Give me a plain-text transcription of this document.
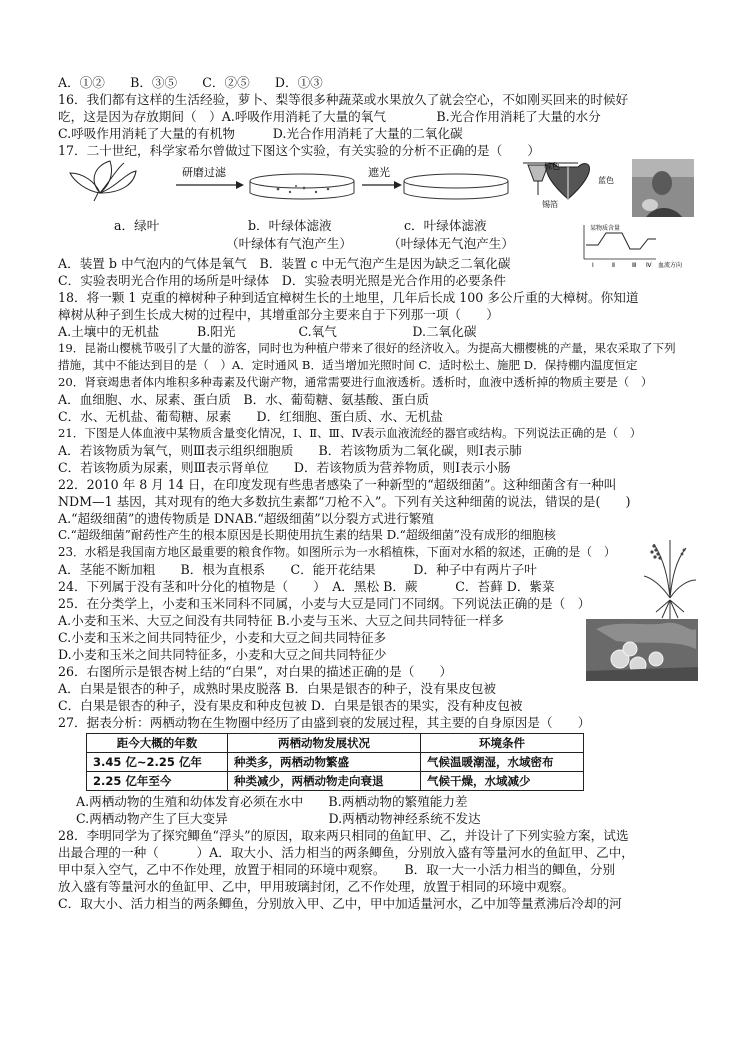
A．①②　　B．③⑤　　C．②⑤　　D．①③
16．我们都有这样的生活经验，萝卜、梨等很多种蔬菜或水果放久了就会空心，不如刚买回来的时候好
吃，这是因为存放期间（　）A.呼吸作用消耗了大量的氧气　　　　B.光合作用消耗了大量的水分
C.呼吸作用消耗了大量的有机物　　　D.光合作用消耗了大量的二氧化碳
17．二十世纪，科学家希尔曾做过下图这个实验，有关实验的分析不正确的是（　　）
研磨过滤	遮光	棕色
蓝色
锡箔
a．绿叶	b．叶绿体滤液	c．叶绿体滤液
（叶绿体有气泡产生）	（叶绿体无气泡产生）
A．装置 b 中气泡内的气体是氧气　B．装置 c 中无气泡产生是因为缺乏二氧化碳
C．实验表明光合作用的场所是叶绿体　D．实验表明光照是光合作用的必要条件
某物质含量
血流方向
Ⅰ	Ⅱ	Ⅲ Ⅳ
18．将一颗 1 克重的樟树种子种到适宜樟树生长的土地里，几年后长成 100 多公斤重的大樟树。你知道
樟树从种子到生长成大树的过程中，其增重部分主要来自于下列那一项（　　）
A.土壤中的无机盐　　　B.阳光　　　　　C.氧气　　　　　　D.二氧化碳
19．昆嵛山樱桃节吸引了大量的游客，同时也为种植户带来了很好的经济收入。为提高大棚樱桃的产量，果农采取了下列
措施，其中不能达到目的是（　）A．定时通风 B．适当增加光照时间 C．适时松土、施肥 D．保持棚内温度恒定
20．肾衰竭患者体内堆积多种毒素及代谢产物，通常需要进行血液透析。透析时，血液中透析掉的物质主要是（　）
A．血细胞、水、尿素、蛋白质　B．水、葡萄糖、氨基酸、蛋白质
C．水、无机盐、葡萄糖、尿素　　D．红细胞、蛋白质、水、无机盐
21．下图是人体血液中某物质含量变化情况，Ⅰ、Ⅱ、Ⅲ、Ⅳ表示血液流经的器官或结构。下列说法正确的是（　）
A．若该物质为氧气，则Ⅲ表示组织细胞质　　B．若该物质为二氧化碳，则Ⅰ表示肺
C．若该物质为尿素，则Ⅲ表示肾单位　　D．若该物质为营养物质，则Ⅰ表示小肠
22．2010 年 8 月 14 日，在印度发现有些患者感染了一种新型的“超级细菌”。这种细菌含有一种叫
NDM—1 基因，其对现有的绝大多数抗生素都“刀枪不入”。下列有关这种细菌的说法，错误的是(　　)
A.“超级细菌”的遗传物质是 DNAB.“超级细菌”以分裂方式进行繁殖
C.“超级细菌”耐药性产生的根本原因是长期使用抗生素的结果 D.“超级细菌”没有成形的细胞核
23．水稻是我国南方地区最重要的粮食作物。如图所示为一水稻植株，下面对水稻的叙述，正确的是（　）
A．茎能不断加粗　　B．根为直根系　　C．能开花结果　　　D．种子中有两片子叶
24．下列属于没有茎和叶分化的植物是（　　）　A．黑松 B．蕨　　　C．苔藓 D．紫菜
25．在分类学上，小麦和玉米同科不同属，小麦与大豆是同门不同纲。下列说法正确的是（　）
A.小麦和玉米、大豆之间没有共同特征 B.小麦与玉米、大豆之间共同特征一样多
C.小麦和玉米之间共同特征少，小麦和大豆之间共同特征多
D.小麦和玉米之间共同特征多，小麦和大豆之间共同特征少
26．右图所示是银杏树上结的“白果”，对白果的描述正确的是（　　）
A．白果是银杏的种子，成熟时果皮脱落 B．白果是银杏的种子，没有果皮包被
C．白果是银杏的种子，没有果皮和种皮包被 D．白果是银杏的果实，没有种皮包被
27．据表分析：两栖动物在生物圈中经历了由盛到衰的发展过程，其主要的自身原因是（　　）
距今大概的年数	两栖动物发展状况	环境条件
3.45 亿~2.25 亿年	种类多，两栖动物繁盛	气候温暖潮湿，水域密布
2.25 亿年至今	种类减少，两栖动物走向衰退	气候干燥，水域减少
A.两栖动物的生殖和幼体发育必须在水中　　B.两栖动物的繁殖能力差
C.两栖动物产生了巨大变异　　　　　　　　D.两栖动物神经系统不发达
28．李明同学为了探究鲫鱼“浮头”的原因，取来两只相同的鱼缸甲、乙，并设计了下列实验方案，试选
出最合理的一种（　　　）A．取大小、活力相当的两条鲫鱼，分别放入盛有等量河水的鱼缸甲、乙中，
甲中泵入空气，乙中不作处理，放置于相同的环境中观察。　　B．取一大一小活力相当的鲫鱼，分别
放入盛有等量河水的鱼缸甲、乙中，甲用玻璃封闭，乙不作处理，放置于相同的环境中观察。
C．取大小、活力相当的两条鲫鱼，分别放入甲、乙中，甲中加适量河水，乙中加等量煮沸后冷却的河
